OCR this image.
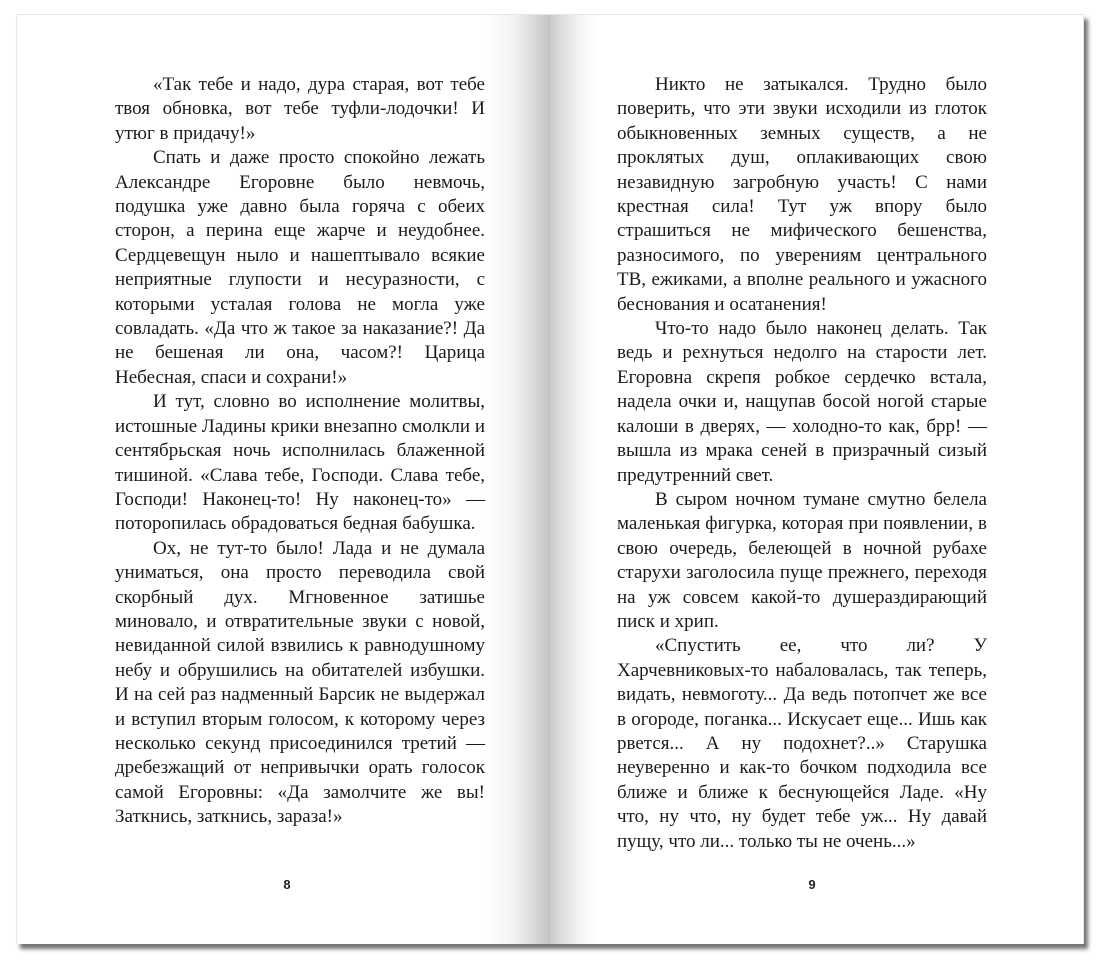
«Так тебе и надо, дура старая, вот тебе твоя обновка, вот тебе туфли-лодочки! И утюг в придачу!»

Спать и даже просто спокойно лежать Александре Егоровне было невмочь, подушка уже давно была горяча с обеих сторон, а перина еще жарче и неудобнее. Сердцевещун ныло и нашептывало всякие неприятные глупости и несуразности, с которыми усталая голова не могла уже совладать. «Да что ж такое за наказание?! Да не бешеная ли она, часом?! Царица Небесная, спаси и сохрани!»

И тут, словно во исполнение молитвы, истошные Ладины крики внезапно смолкли и сентябрьская ночь исполнилась блаженной тишиной. «Слава тебе, Господи. Слава тебе, Господи! Наконец-то! Ну наконец-то» — поторопилась обрадоваться бедная бабушка.

Ох, не тут-то было! Лада и не думала униматься, она просто переводила свой скорбный дух. Мгновенное затишье миновало, и отвратительные звуки с новой, невиданной силой взвились к равнодушному небу и обрушились на обитателей избушки. И на сей раз надменный Барсик не выдержал и вступил вторым голосом, к которому через несколько секунд присоединился третий — дребезжащий от непривычки орать голосок самой Егоровны: «Да замолчите же вы! Заткнись, заткнись, зараза!»

8

Никто не затыкался. Трудно было поверить, что эти звуки исходили из глоток обыкновенных земных существ, а не проклятых душ, оплакивающих свою незавидную загробную участь! С нами крестная сила! Тут уж впору было страшиться не мифического бешенства, разносимого, по уверениям центрального ТВ, ежиками, а вполне реального и ужасного беснования и осатанения!

Что-то надо было наконец делать. Так ведь и рехнуться недолго на старости лет. Егоровна скрепя робкое сердечко встала, надела очки и, нащупав босой ногой старые калоши в дверях, — холодно-то как, брр! — вышла из мрака сеней в призрачный сизый предутренний свет.

В сыром ночном тумане смутно белела маленькая фигурка, которая при появлении, в свою очередь, белеющей в ночной рубахе старухи заголосила пуще прежнего, переходя на уж совсем какой-то душераздирающий писк и хрип.

«Спустить ее, что ли? У Харчевниковых-то набаловалась, так теперь, видать, невмоготу... Да ведь потопчет же все в огороде, поганка... Искусает еще... Ишь как рвется... А ну подохнет?..» Старушка неуверенно и как-то бочком подходила все ближе и ближе к беснующейся Ладе. «Ну что, ну что, ну будет тебе уж... Ну давай пущу, что ли... только ты не очень...»

9
